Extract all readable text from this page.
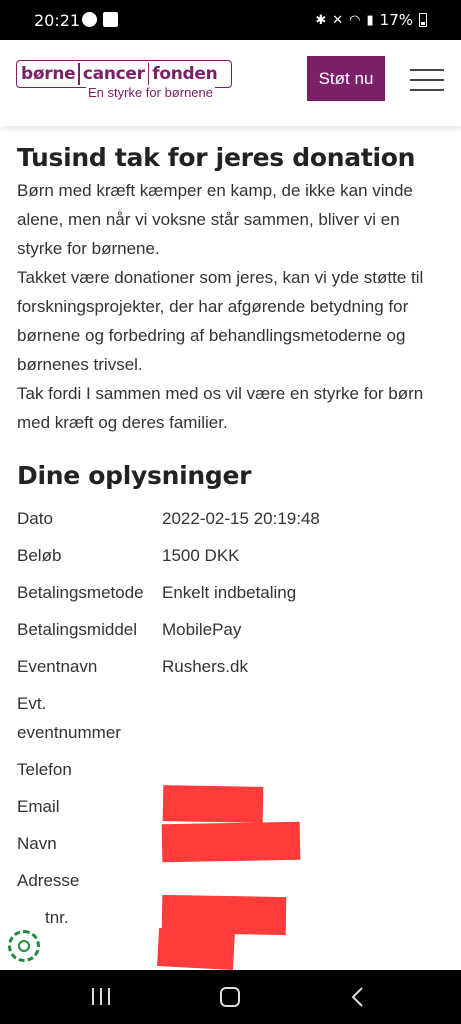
20:21	✱ ✕ ◠ ▮ 17%
børne cancer fonden
En styrke for børnene
Støt nu
Tusind tak for jeres donation

Børn med kræft kæmper en kamp, de ikke kan vinde alene, men når vi voksne står sammen, bliver vi en styrke for børnene.

Takket være donationer som jeres, kan vi yde støtte til forskningsprojekter, der har afgørende betydning for børnene og forbedring af behandlingsmetoderne og børnenes trivsel.

Tak fordi I sammen med os vil være en styrke for børn med kræft og deres familier.

Dine oplysninger
Dato	2022-02-15 20:19:48
Beløb	1500 DKK
Betalingsmetode	Enkelt indbetaling
Betalingsmiddel	MobilePay
Eventnavn	Rushers.dk
Evt. eventnummer
Telefon
Email
Navn
Adresse
tnr.
